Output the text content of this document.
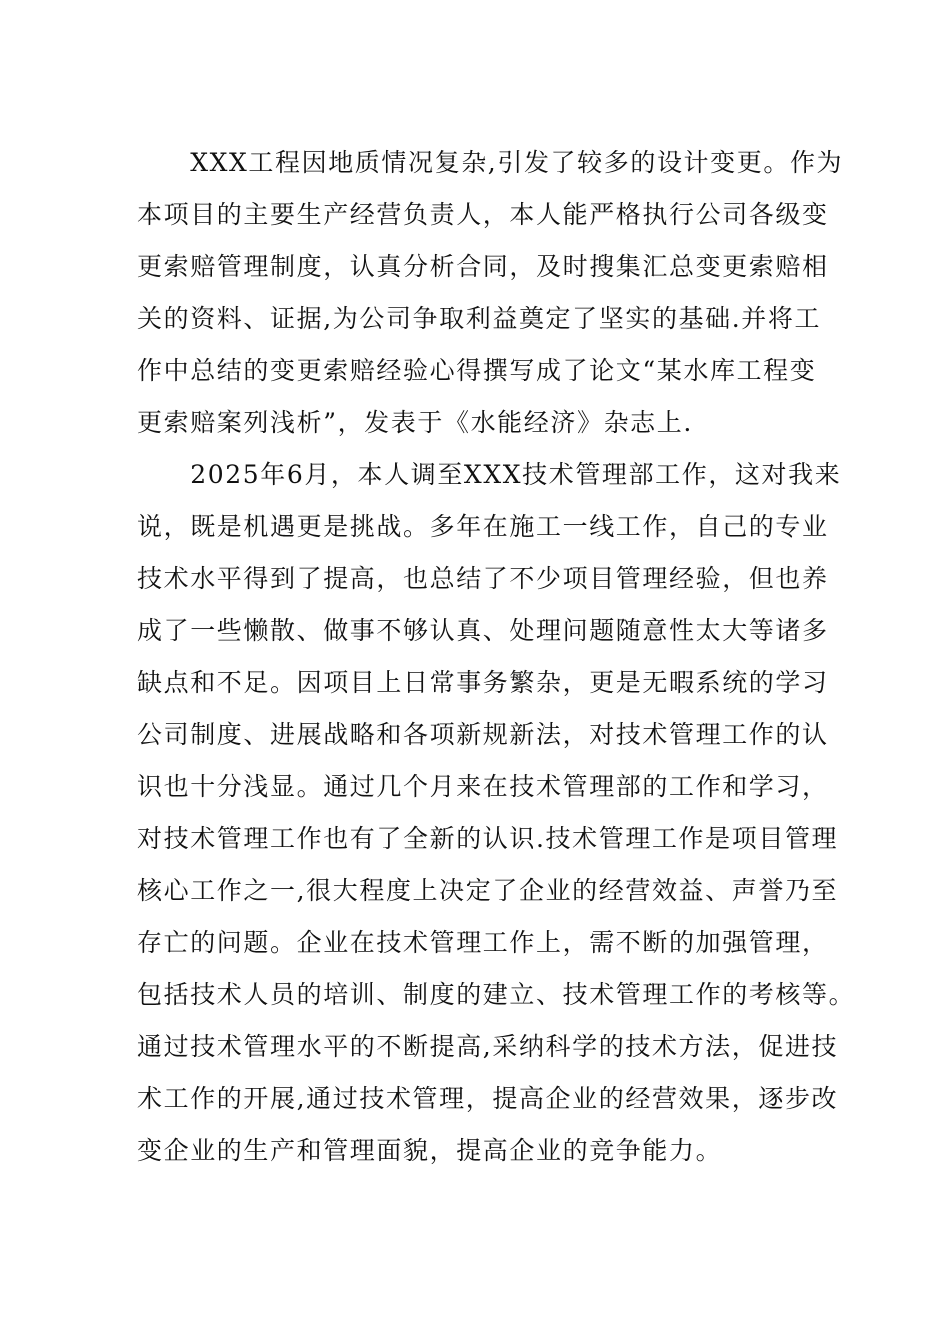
　　XXX工程因地质情况复杂,引发了较多的设计变更。作为
本项目的主要生产经营负责人，本人能严格执行公司各级变
更索赔管理制度，认真分析合同，及时搜集汇总变更索赔相
关的资料、证据,为公司争取利益奠定了坚实的基础.并将工
作中总结的变更索赔经验心得撰写成了论文“某水库工程变
更索赔案列浅析”，发表于《水能经济》杂志上.
　　2025年6月，本人调至XXX技术管理部工作，这对我来
说，既是机遇更是挑战。多年在施工一线工作，自己的专业
技术水平得到了提高，也总结了不少项目管理经验，但也养
成了一些懒散、做事不够认真、处理问题随意性太大等诸多
缺点和不足。因项目上日常事务繁杂，更是无暇系统的学习
公司制度、进展战略和各项新规新法，对技术管理工作的认
识也十分浅显。通过几个月来在技术管理部的工作和学习，
对技术管理工作也有了全新的认识.技术管理工作是项目管理
核心工作之一,很大程度上决定了企业的经营效益、声誉乃至
存亡的问题。企业在技术管理工作上，需不断的加强管理，
包括技术人员的培训、制度的建立、技术管理工作的考核等。
通过技术管理水平的不断提高,采纳科学的技术方法，促进技
术工作的开展,通过技术管理，提高企业的经营效果，逐步改
变企业的生产和管理面貌，提高企业的竞争能力。
